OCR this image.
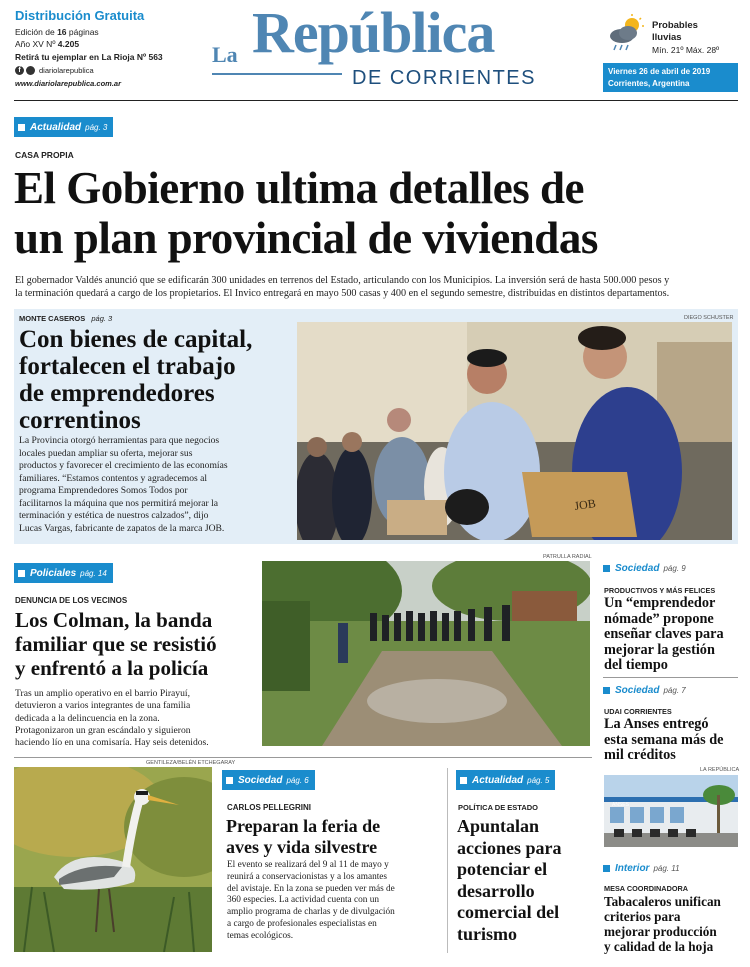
Distribución Gratuita
Edición de 16 páginas
Año XV Nº 4.205
Retirá tu ejemplar en La Rioja Nº 563
f	diariolarepublica
www.diariolarepublica.com.ar
La República
DE CORRIENTES
Probables
lluvias
Mín. 21º Máx. 28º
Viernes 26 de abril de 2019
Corrientes, Argentina
Actualidad pág. 3
CASA PROPIA
El Gobierno ultima detalles de
un plan provincial de viviendas
El gobernador Valdés anunció que se edificarán 300 unidades en terrenos del Estado, articulando con los Municipios. La inversión será de hasta 500.000 pesos y
la terminación quedará a cargo de los propietarios. El Invico entregará en mayo 500 casas y 400 en el segundo semestre, distribuidas en distintos departamentos.
MONTE CASEROS pág. 3	DIEGO SCHUSTER
Con bienes de capital,
fortalecen el trabajo
de emprendedores
correntinos
La Provincia otorgó herramientas para que negocios
locales puedan ampliar su oferta, mejorar sus
productos y favorecer el crecimiento de las economías
familiares. “Estamos contentos y agradecemos al
programa Emprendedores Somos Todos por
facilitarnos la máquina que nos permitirá mejorar la
terminación y estética de nuestros calzados”, dijo
Lucas Vargas, fabricante de zapatos de la marca JOB.
JOB
Policiales pág. 14
DENUNCIA DE LOS VECINOS
Los Colman, la banda
familiar que se resistió
y enfrentó a la policía
Tras un amplio operativo en el barrio Pirayuí,
detuvieron a varios integrantes de una familia
dedicada a la delincuencia en la zona.
Protagonizaron un gran escándalo y siguieron
haciendo lío en una comisaría. Hay seis detenidos.
PATRULLA RADIAL
Sociedad pág. 9
PRODUCTIVOS Y MÁS FELICES
Un “emprendedor
nómade” propone
enseñar claves para
mejorar la gestión
del tiempo
Sociedad pág. 7
UDAI CORRIENTES
La Anses entregó
esta semana más de
mil créditos
LA REPÚBLICA
ANSES
Interior pág. 11
MESA COORDINADORA
Tabacaleros unifican
criterios para
mejorar producción
y calidad de la hoja
GENTILEZA/BELÉN ETCHEGARAY
Sociedad pág. 6
CARLOS PELLEGRINI
Preparan la feria de
aves y vida silvestre
El evento se realizará del 9 al 11 de mayo y
reunirá a conservacionistas y a los amantes
del avistaje. En la zona se pueden ver más de
360 especies. La actividad cuenta con un
amplio programa de charlas y de divulgación
a cargo de profesionales especialistas en
temas ecológicos.
Actualidad pág. 5
POLÍTICA DE ESTADO
Apuntalan
acciones para
potenciar el
desarrollo
comercial del
turismo
